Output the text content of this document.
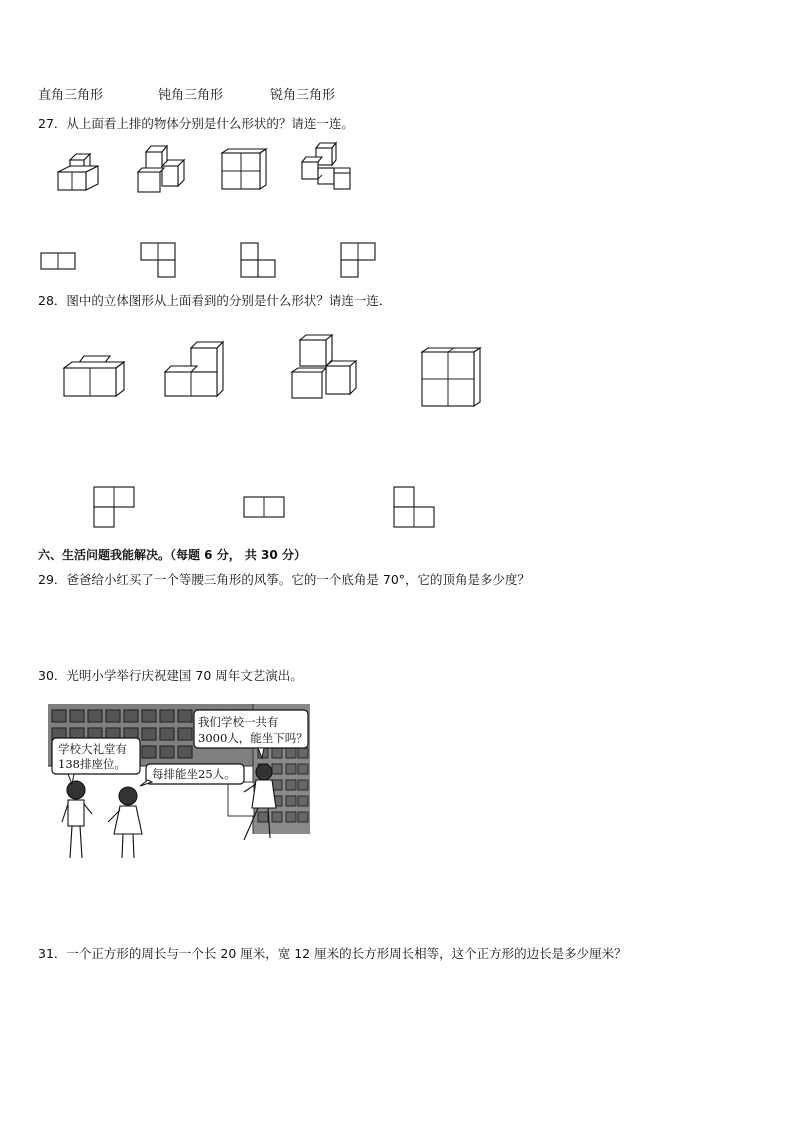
直角三角形	钝角三角形	锐角三角形
27．从上面看上排的物体分别是什么形状的？请连一连。
28．图中的立体图形从上面看到的分别是什么形状？请连一连．
六、生活问题我能解决。（每题 6 分， 共 30 分）
29．爸爸给小红买了一个等腰三角形的风筝。它的一个底角是 70°，它的顶角是多少度？
30．光明小学举行庆祝建国 70 周年文艺演出。
学校大礼堂有
138排座位。
每排能坐25人。
我们学校一共有
3000人，能坐下吗？
31．一个正方形的周长与一个长 20 厘米，宽 12 厘米的长方形周长相等，这个正方形的边长是多少厘米？
